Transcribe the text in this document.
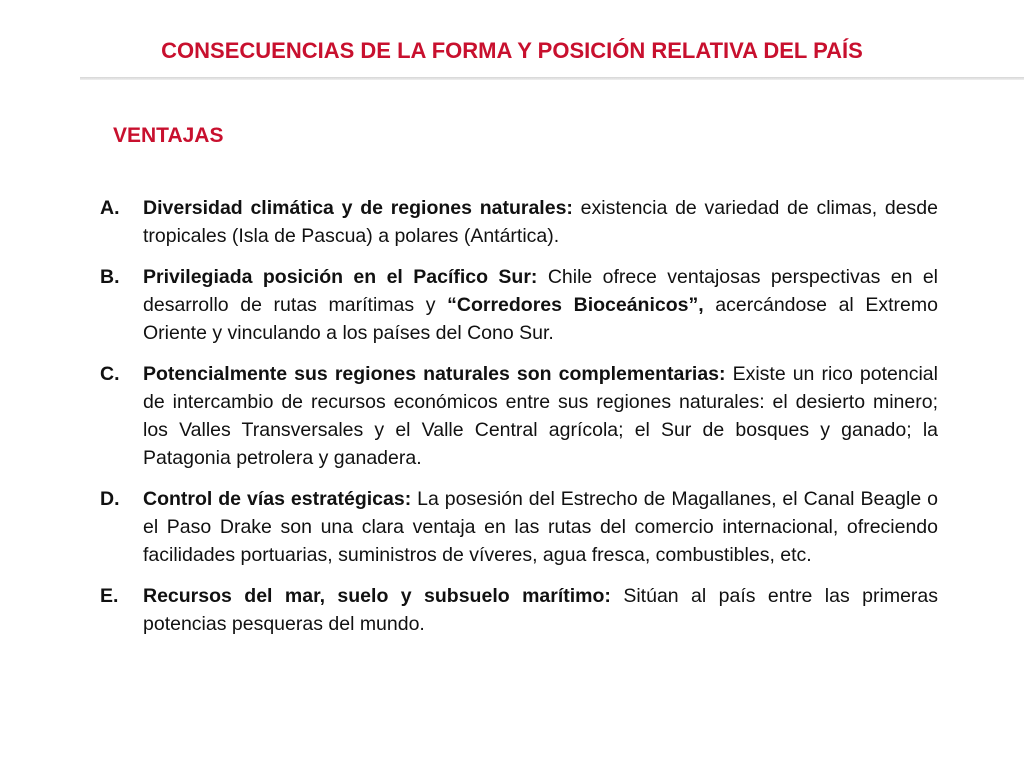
CONSECUENCIAS DE LA FORMA Y POSICIÓN RELATIVA DEL PAÍS
VENTAJAS
A. Diversidad climática y de regiones naturales: existencia de variedad de climas, desde tropicales (Isla de Pascua) a polares (Antártica).
B. Privilegiada posición en el Pacífico Sur: Chile ofrece ventajosas perspectivas en el desarrollo de rutas marítimas y “Corredores Bioceánicos”, acercándose al Extremo Oriente y vinculando a los países del Cono Sur.
C. Potencialmente sus regiones naturales son complementarias: Existe un rico potencial de intercambio de recursos económicos entre sus regiones naturales: el desierto minero; los Valles Transversales y el Valle Central agrícola; el Sur de bosques y ganado; la Patagonia petrolera y ganadera.
D. Control de vías estratégicas: La posesión del Estrecho de Magallanes, el Canal Beagle o el Paso Drake son una clara ventaja en las rutas del comercio internacional, ofreciendo facilidades portuarias, suministros de víveres, agua fresca, combustibles, etc.
E. Recursos del mar, suelo y subsuelo marítimo: Sitúan al país entre las primeras potencias pesqueras del mundo.
